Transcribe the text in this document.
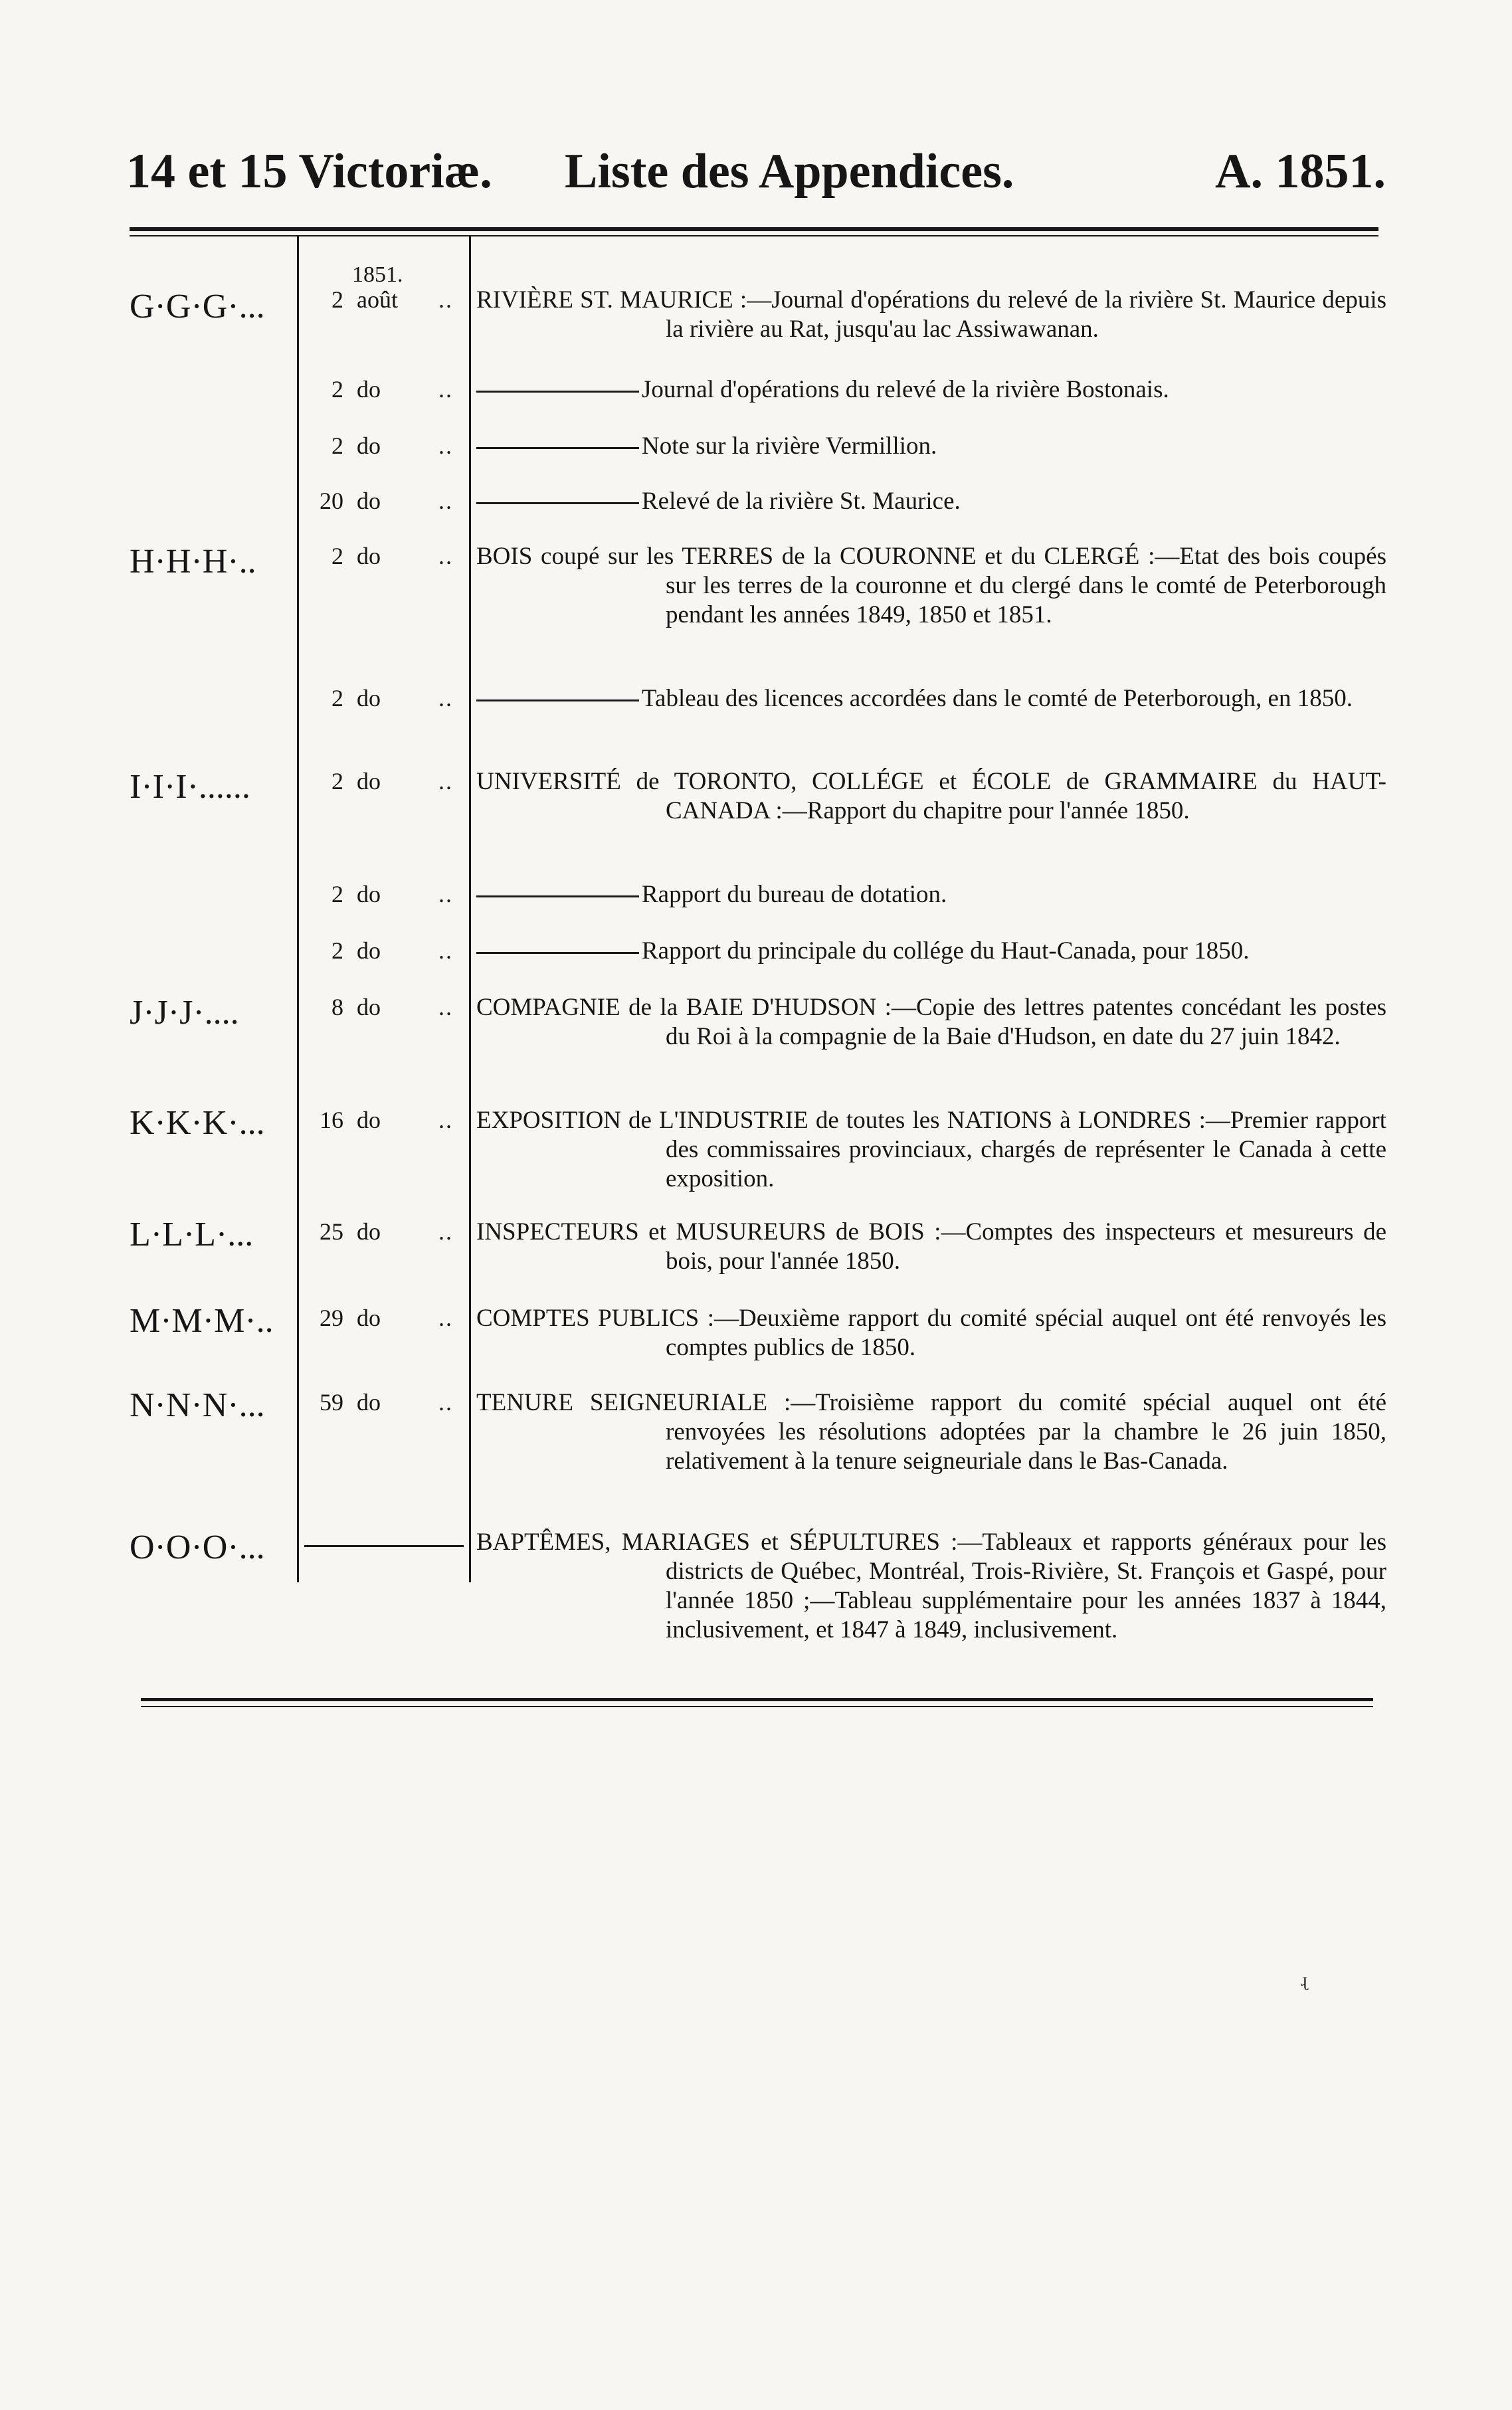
14 et 15 Victoriæ. Liste des Appendices.	A. 1851.
1851.
G·G·G·...	2 août .. RIVIÈRE ST. MAURICE :—Journal d'opérations du relevé de la rivière St. Maurice depuis la rivière au Rat, jusqu'au lac Assiwawanan.
2 do ..	Journal d'opérations du relevé de la rivière Bostonais.
2 do ..	Note sur la rivière Vermillion.
20 do ..	Relevé de la rivière St. Maurice.
H·H·H·..	2 do .. BOIS coupé sur les TERRES de la COURONNE et du CLERGÉ :—Etat des bois coupés sur les terres de la couronne et du clergé dans le comté de Peterborough pendant les années 1849, 1850 et 1851.
2 do ..	Tableau des licences accordées dans le comté de Peterborough, en 1850.
I·I·I·......	2 do .. UNIVERSITÉ de TORONTO, COLLÉGE et ÉCOLE de GRAMMAIRE du HAUT-CANADA :—Rapport du chapitre pour l'année 1850.
2 do ..	Rapport du bureau de dotation.
2 do ..	Rapport du principale du collége du Haut-Canada, pour 1850.
J·J·J·....	8 do .. COMPAGNIE de la BAIE D'HUDSON :—Copie des lettres patentes concédant les postes du Roi à la compagnie de la Baie d'Hudson, en date du 27 juin 1842.
K·K·K·...	16 do .. EXPOSITION de L'INDUSTRIE de toutes les NATIONS à LONDRES :—Premier rapport des commissaires provinciaux, chargés de représenter le Canada à cette exposition.
L·L·L·...	25 do .. INSPECTEURS et MUSUREURS de BOIS :—Comptes des inspecteurs et mesureurs de bois, pour l'année 1850.
M·M·M·..	29 do .. COMPTES PUBLICS :—Deuxième rapport du comité spécial auquel ont été renvoyés les comptes publics de 1850.
N·N·N·...	59 do .. TENURE SEIGNEURIALE :—Troisième rapport du comité spécial auquel ont été renvoyées les résolutions adoptées par la chambre le 26 juin 1850, relativement à la tenure seigneuriale dans le Bas-Canada.
O·O·O·...	BAPTÊMES, MARIAGES et SÉPULTURES :—Tableaux et rapports généraux pour les districts de Québec, Montréal, Trois-Rivière, St. François et Gaspé, pour l'année 1850 ;—Tableau supplémentaire pour les années 1837 à 1844, inclusivement, et 1847 à 1849, inclusivement.
ʵ
